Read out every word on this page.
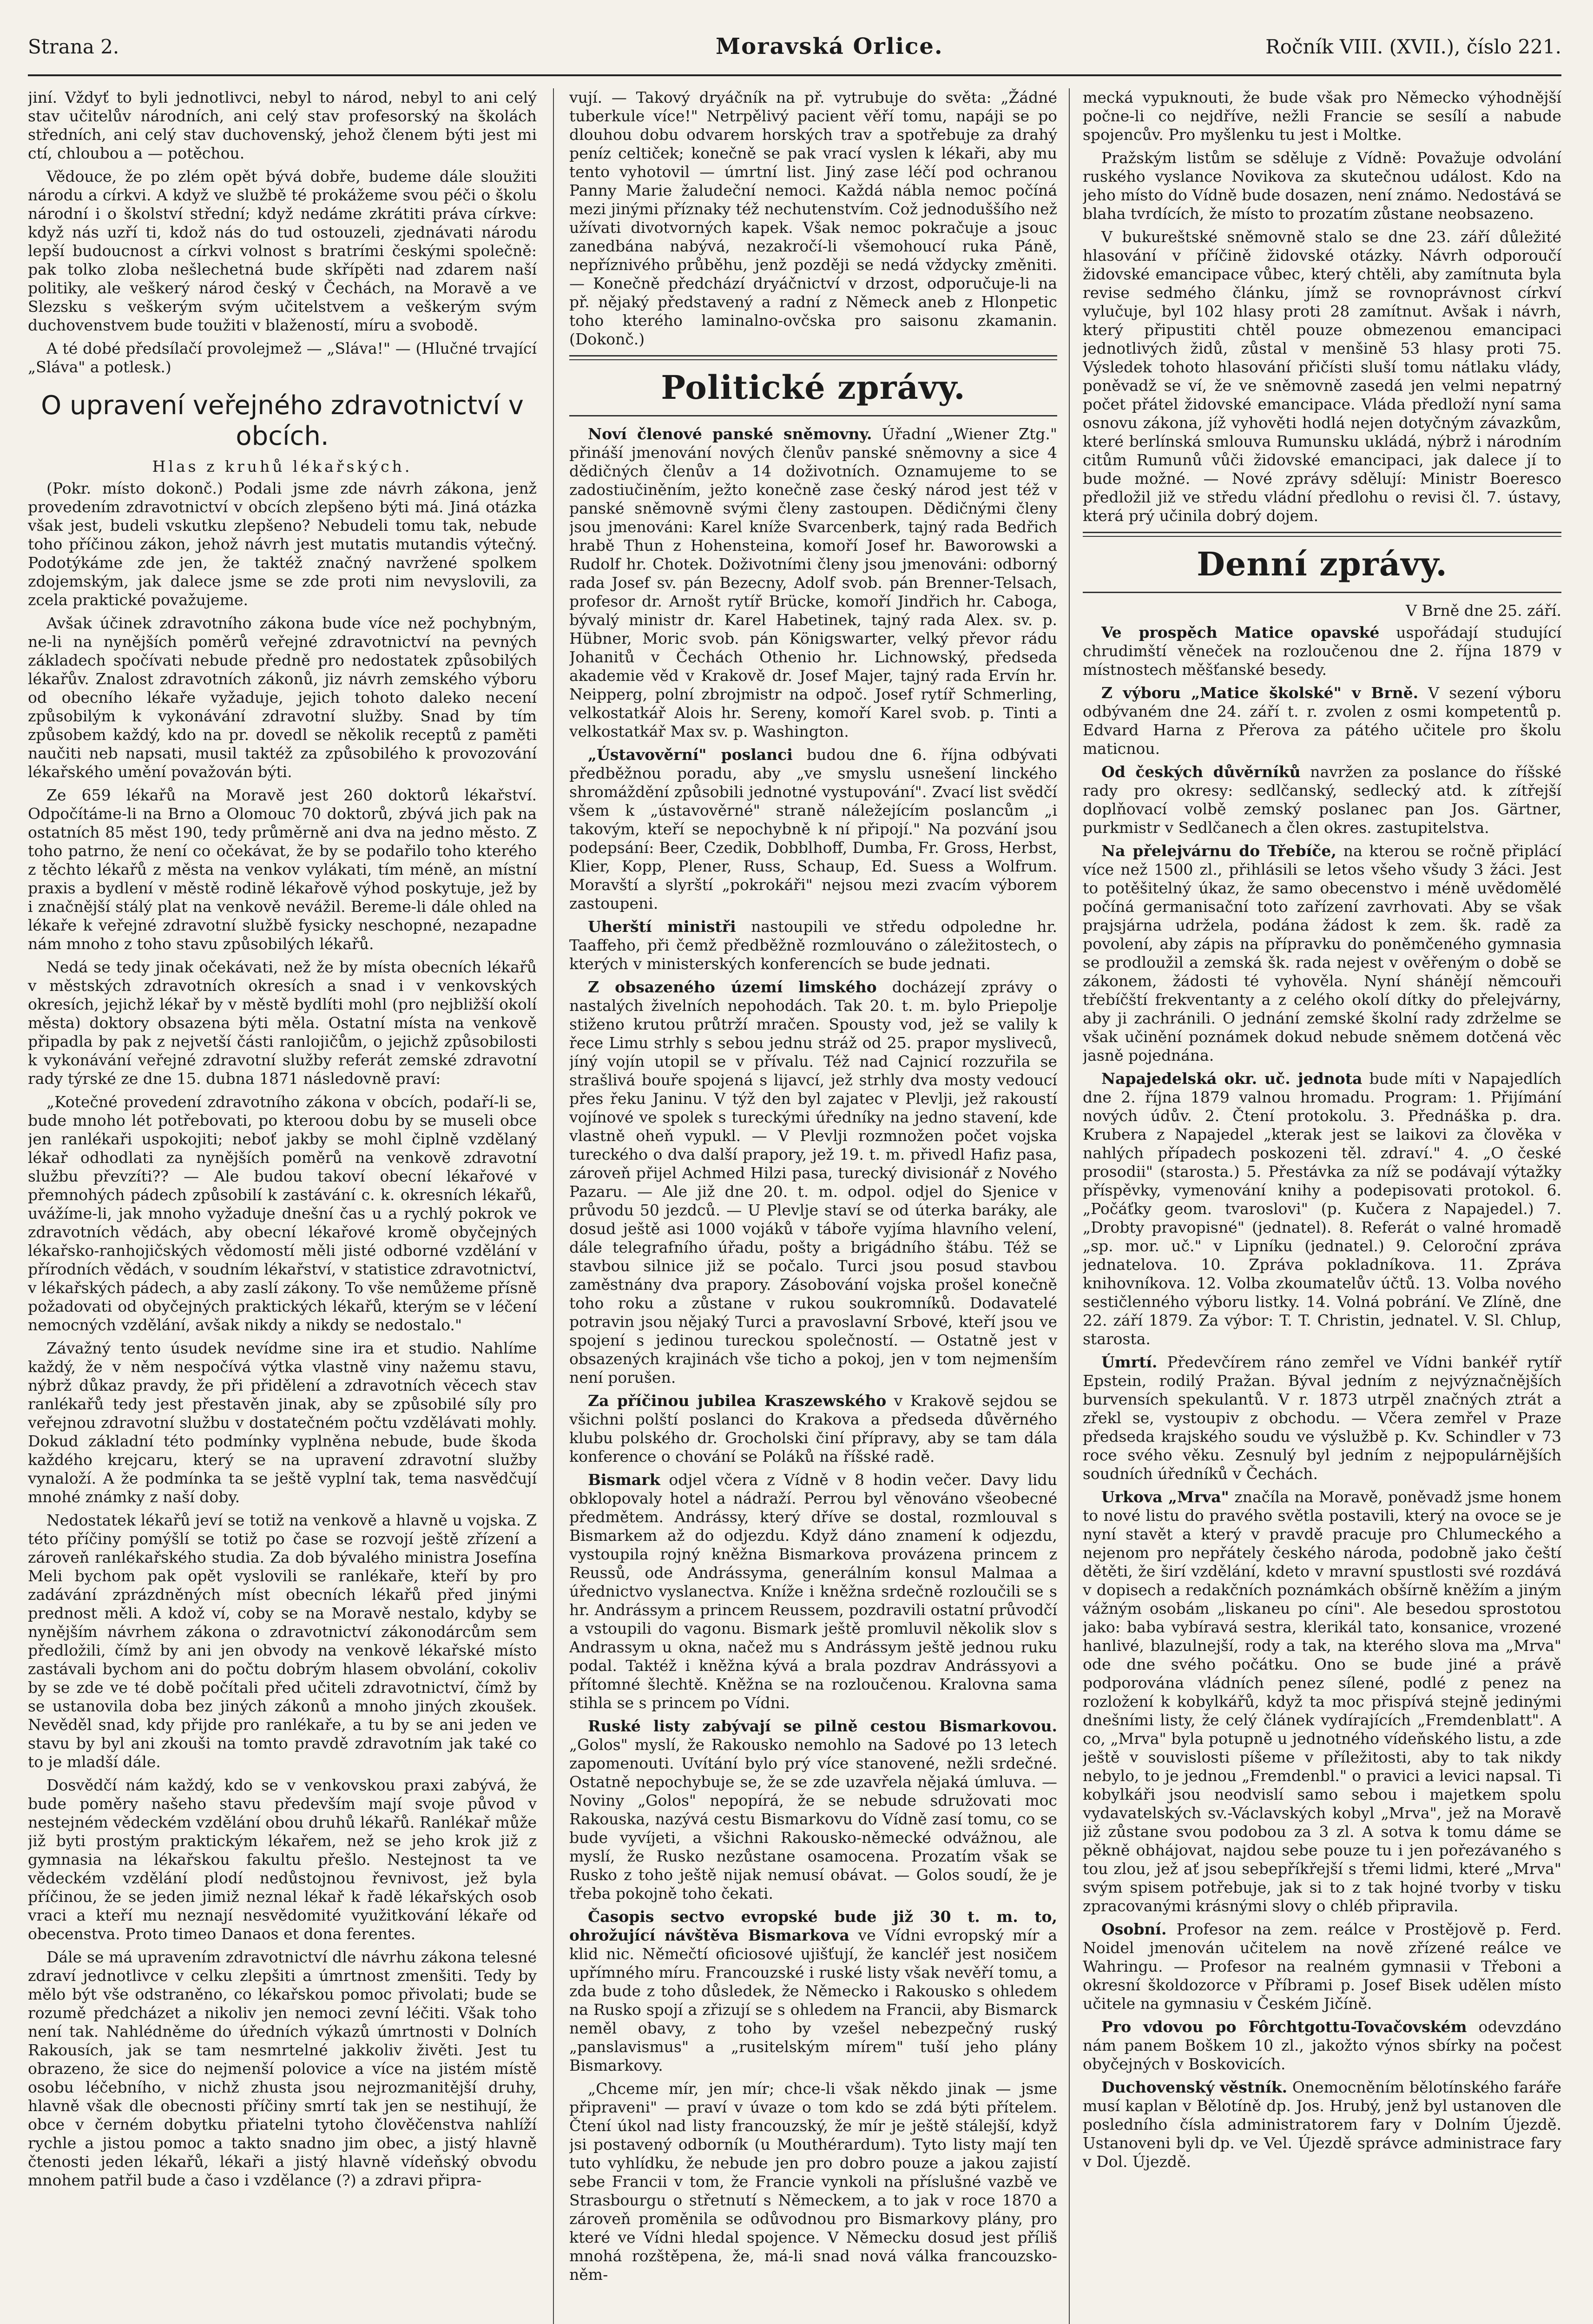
Strana 2.	Moravská Orlice.	Ročník VIII. (XVII.), číslo 221.

jiní. Vždyť to byli jednotlivci, nebyl to národ, nebyl to ani celý stav učitelův národních, ani celý stav profesorský na školách středních, ani celý stav duchovenský, jehož členem býti jest mi ctí, chloubou a — potěchou.

Vědouce, že po zlém opět bývá dobře, budeme dále sloužiti národu a církvi. A když ve službě té prokážeme svou péči o školu národní i o školství střední; když nedáme zkrátiti práva církve: když nás uzří ti, kdož nás do tud ostouzeli, zjednávati národu lepší budoucnost a církvi volnost s bratrími českými společně: pak tolko zloba nešlechetná bude skřípěti nad zdarem naší politiky, ale veškerý národ český v Čechách, na Moravě a ve Slezsku s veškerým svým učitelstvem a veškerým svým duchovenstvem bude toužiti v blažeností, míru a svobodě.

A té dobé předsílačí provolejmež — „Sláva!" — (Hlučné trvající „Sláva" a potlesk.)

O upravení veřejného zdravotnictví v obcích.
Hlas z kruhů lékařských.

(Pokr. místo dokonč.) Podali jsme zde návrh zákona, jenž provedením zdravotnictví v obcích zlepšeno býti má. Jiná otázka však jest, budeli vskutku zlepšeno? Nebudeli tomu tak, nebude toho příčinou zákon, jehož návrh jest mutatis mutandis výtečný. Podotýkáme zde jen, že taktéž značný navržené spolkem zdojemským, jak dalece jsme se zde proti nim nevyslovili, za zcela praktické považujeme.

Avšak účinek zdravotního zákona bude více než pochybným, ne-li na nynějších poměrů veřejné zdravotnictví na pevných základech spočívati nebude předně pro nedostatek způsobilých lékařův. Znalost zdravotních zákonů, jiz návrh zemského výboru od obecního lékaře vyžaduje, jejich tohoto daleko necení způsobilým k vykonávání zdravotní služby. Snad by tím způsobem každý, kdo na pr. dovedl se několik receptů z paměti naučiti neb napsati, musil taktéž za způsobilého k provozování lékařského umění považován býti.

Ze 659 lékařů na Moravě jest 260 doktorů lékařství. Odpočítáme-li na Brno a Olomouc 70 doktorů, zbývá jich pak na ostatních 85 měst 190, tedy průměrně ani dva na jedno město. Z toho patrno, že není co očekávat, že by se podařilo toho kterého z těchto lékařů z města na venkov vylákati, tím méně, an místní praxis a bydlení v městě rodině lékařově výhod poskytuje, jež by i značnější stálý plat na venkově nevážil. Bereme-li dále ohled na lékaře k veřejné zdravotní službě fysicky neschopné, nezapadne nám mnoho z toho stavu způsobilých lékařů.

Nedá se tedy jinak očekávati, než že by místa obecních lékařů v městských zdravotních okresích a snad i v venkovských okresích, jejichž lékař by v městě bydlíti mohl (pro nejbližší okolí města) doktory obsazena býti měla. Ostatní místa na venkově připadla by pak z nejvetší části ranlojičům, o jejichž způsobilosti k vykonávání veřejné zdravotní služby referát zemské zdravotní rady týrské ze dne 15. dubna 1871 následovně praví:

„Kotečné provedení zdravotního zákona v obcích, podaří-li se, bude mnoho lét potřebovati, po kteroou dobu by se museli obce jen ranlékaři uspokojiti; neboť jakby se mohl čiplně vzdělaný lékař odhodlati za nynějších poměrů na venkově zdravotní službu převzíti?? — Ale budou takoví obecní lékařové v přemnohých pádech způsobilí k zastávání c. k. okresních lékařů, uvážíme-li, jak mnoho vyžaduje dnešní čas u a rychlý pokrok ve zdravotních vědách, aby obecní lékařové kromě obyčejných lékařsko-ranhojičských vědomostí měli jisté odborné vzdělání v přírodních vědách, v soudním lékařství, v statistice zdravotnictví, v lékařských pádech, a aby zaslí zákony. To vše nemůžeme přísně požadovati od obyčejných praktických lékařů, kterým se v léčení nemocných vzdělání, avšak nikdy a nikdy se nedostalo."

Závažný tento úsudek nevídme sine ira et studio. Nahlíme každý, že v něm nespočívá výtka vlastně viny nažemu stavu, nýbrž důkaz pravdy, že při přidělení a zdravotních věcech stav ranlékařů tedy jest přestavěn jinak, aby se způsobilé síly pro veřejnou zdravotní službu v dostatečném počtu vzdělávati mohly. Dokud základní této podmínky vyplněna nebude, bude škoda každého krejcaru, který se na upravení zdravotní služby vynaloží. A že podmínka ta se ještě vyplní tak, tema nasvědčují mnohé známky z naší doby.

Nedostatek lékařů jeví se totiž na venkově a hlavně u vojska. Z této příčiny pomýšlí se totiž po čase se rozvojí ještě zřízení a zároveň ranlékařského studia. Za dob bývalého ministra Josefína Meli bychom pak opět vyslovili se ranlékaře, kteří by pro zadávání zprázdněných míst obecních lékařů před jinými prednost měli. A kdož ví, coby se na Moravě nestalo, kdyby se nynějším návrhem zákona o zdravotnictví zákonodárcům sem předložili, čímž by ani jen obvody na venkově lékařské místo zastávali bychom ani do počtu dobrým hlasem obvolání, cokoliv by se zde ve té době počítali před učiteli zdravotnictví, čímž by se ustanovila doba bez jiných zákonů a mnoho jiných zkoušek. Nevěděl snad, kdy přijde pro ranlékaře, a tu by se ani jeden ve stavu by byl ani zkouši na tomto pravdě zdravotním jak také co to je mladší dále.

Dosvědčí nám každý, kdo se v venkovskou praxi zabývá, že bude poměry našeho stavu především mají svoje původ v nestejném vědeckém vzdělání obou druhů lékařů. Ranlékař může již byti prostým praktickým lékařem, než se jeho krok již z gymnasia na lékařskou fakultu přešlo. Nestejnost ta ve vědeckém vzdělání plodí nedůstojnou řevnivost, jež byla příčinou, že se jeden jimiž neznal lékař k řadě lékařských osob vraci a kteří mu neznají nesvědomité využitkování lékaře od obecenstva. Proto timeo Danaos et dona ferentes.

Dále se má upravením zdravotnictví dle návrhu zákona telesné zdraví jednotlivce v celku zlepšiti a úmrtnost zmenšiti. Tedy by mělo být vše odstraněno, co lékařskou pomoc přivolati; bude se rozumě předcházet a nikoliv jen nemoci zevní léčiti. Však toho není tak. Nahlédněme do úředních výkazů úmrtnosti v Dolních Rakousích, jak se tam nesmrtelné jakkoliv živěti. Jest tu obrazeno, že sice do nejmenší polovice a více na jistém místě osobu léčebního, v nichž zhusta jsou nejrozmanitější druhy, hlavně však dle obecnosti příčiny smrtí tak jen se nestihují, že obce v černém dobytku přiatelni tytoho člověčenstva nahlíží rychle a jistou pomoc a takto snadno jim obec, a jistý hlavně čtenosti jeden lékařů, lékaři a jistý hlavně vídeňský obvodu mnohem patřil bude a časo i vzdělance (?) a zdravi připra-

vují. — Takový dryáčník na př. vytrubuje do světa: „Žádné tuberkule více!" Netrpělivý pacient věří tomu, napáji se po dlouhou dobu odvarem horských trav a spotřebuje za drahý peníz celtiček; konečně se pak vrací vyslen k lékaři, aby mu tento vyhotovil — úmrtní list. Jiný zase léčí pod ochranou Panny Marie žaludeční nemoci. Každá nábla nemoc počíná mezi jinými příznaky též nechutenstvím. Což jednoduššího než užívati divotvorných kapek. Však nemoc pokračuje a jsouc zanedbána nabývá, nezakročí-li všemohoucí ruka Páně, nepříznivého průběhu, jenž později se nedá vždycky změniti. — Konečně předchází dryáčnictví v drzost, odporučuje-li na př. nějaký představený a radní z Německ aneb z Hlonpetic toho kterého laminalno-ovčska pro saisonu zkamanin. (Dokonč.)

Politické zprávy.

Noví členové panské sněmovny. Úřadní „Wiener Ztg." přináší jmenování nových členův panské sněmovny a sice 4 dědičných členův a 14 doživotních. Oznamujeme to se zadostiučiněním, ježto konečně zase český národ jest též v panské sněmovně svými členy zastoupen. Dědičnými členy jsou jmenováni: Karel kníže Svarcenberk, tajný rada Bedřich hrabě Thun z Hohensteina, komoří Josef hr. Baworowski a Rudolf hr. Chotek. Doživotními členy jsou jmenováni: odborný rada Josef sv. pán Bezecny, Adolf svob. pán Brenner-Telsach, profesor dr. Arnošt rytíř Brücke, komoří Jindřich hr. Caboga, bývalý ministr dr. Karel Habetinek, tajný rada Alex. sv. p. Hübner, Moric svob. pán Königswarter, velký převor rádu Johanitů v Čechách Othenio hr. Lichnowský, předseda akademie věd v Krakově dr. Josef Majer, tajný rada Ervín hr. Neipperg, polní zbrojmistr na odpoč. Josef rytíř Schmerling, velkostatkář Alois hr. Sereny, komoří Karel svob. p. Tinti a velkostatkář Max sv. p. Washington.

„Ústavověrní" poslanci budou dne 6. října odbývati předběžnou poradu, aby „ve smyslu usnešení linckého shromáždění způsobili jednotné vystupování". Zvací list svědčí všem k „ústavověrné" straně náležejícím poslancům „i takovým, kteří se nepochybně k ní připojí." Na pozvání jsou podepsání: Beer, Czedik, Dobblhoff, Dumba, Fr. Gross, Herbst, Klier, Kopp, Plener, Russ, Schaup, Ed. Suess a Wolfrum. Moravští a slyrští „pokrokáři" nejsou mezi zvacím výborem zastoupeni.

Uherští ministři nastoupili ve středu odpoledne hr. Taaffeho, při čemž předběžně rozmlouváno o záležitostech, o kterých v ministerských konferencích se bude jednati.

Z obsazeného území limského docházejí zprávy o nastalých živelních nepohodách. Tak 20. t. m. bylo Priepolje stiženo krutou průtrží mračen. Spousty vod, jež se valily k řece Limu strhly s sebou jednu stráž od 25. prapor mysliveců, jíný vojín utopil se v přívalu. Též nad Cajnicí rozzuřila se strašlivá bouře spojená s lijavcí, jež strhly dva mosty vedoucí přes řeku Janinu. V týž den byl zajatec v Plevlji, jež rakoustí vojínové ve spolek s tureckými úředníky na jedno stavení, kde vlastně oheň vypukl. — V Plevlji rozmnožen počet vojska tureckého o dva další prapory, jež 19. t. m. přivedl Hafiz pasa, zároveň přijel Achmed Hilzi pasa, turecký divisionář z Nového Pazaru. — Ale již dne 20. t. m. odpol. odjel do Sjenice v průvodu 50 jezdců. — U Plevlje staví se od úterka baráky, ale dosud ještě asi 1000 vojáků v táboře vyjíma hlavního velení, dále telegrafního úřadu, pošty a brigádního štábu. Též se stavbou silnice již se počalo. Turci jsou posud stavbou zaměstnány dva prapory. Zásobování vojska prošel konečně toho roku a zůstane v rukou soukromníků. Dodavatelé potravin jsou nějaký Turci a pravoslavní Srbové, kteří jsou ve spojení s jedinou tureckou společností. — Ostatně jest v obsazených krajinách vše ticho a pokoj, jen v tom nejmenším není porušen.

Za příčinou jubilea Kraszewského v Krakově sejdou se všichni polští poslanci do Krakova a předseda důvěrného klubu polského dr. Grocholski činí přípravy, aby se tam dála konference o chování se Poláků na říšské radě.

Bismark odjel včera z Vídně v 8 hodin večer. Davy lidu obklopovaly hotel a nádraží. Perrou byl věnováno všeobecné předmětem. Andrássy, který dříve se dostal, rozmlouval s Bismarkem až do odjezdu. Když dáno znamení k odjezdu, vystoupila rojný kněžna Bismarkova provázena princem z Reussů, ode Andrássyma, generálním konsul Malmaa a úřednictvo vyslanectva. Kníže i kněžna srdečně rozloučili se s hr. Andrássym a princem Reussem, pozdravili ostatní průvodčí a vstoupili do vagonu. Bismark ještě promluvil několik slov s Andrassym u okna, načež mu s Andrássym ještě jednou ruku podal. Taktéž i kněžna kývá a brala pozdrav Andrássyovi a přítomné šlechtě. Kněžna se na rozloučenou. Kralovna sama stihla se s princem po Vídni.

Ruské listy zabývají se pilně cestou Bismarkovou. „Golos" myslí, že Rakousko nemohlo na Sadové po 13 letech zapomenouti. Uvítání bylo prý více stanovené, nežli srdečné. Ostatně nepochybuje se, že se zde uzavřela nějaká úmluva. — Noviny „Golos" nepopírá, že se nebude sdružovati moc Rakouska, nazývá cestu Bismarkovu do Vídně zasí tomu, co se bude vyvíjeti, a všichni Rakousko-německé odvážnou, ale myslí, že Rusko nezůstane osamocena. Prozatím však se Rusko z toho ještě nijak nemusí obávat. — Golos soudí, že je třeba pokojně toho čekati.

Časopis sectvo evropské bude již 30 t. m. to, ohrožující návštěva Bismarkova ve Vídni evropský mír a klid nic. Němečtí oficiosové ujišťují, že kancléř jest nosičem upřímného míru. Francouzské i ruské listy však nevěří tomu, a zda bude z toho důsledek, že Německo i Rakousko s ohledem na Rusko spojí a zřizují se s ohledem na Francii, aby Bismarck neměl obavy, z toho by vzešel nebezpečný ruský „panslavismus" a „rusitelským mírem" tuší jeho plány Bismarkovy.

„Chceme mír, jen mír; chce-li však někdo jinak — jsme připraveni" — praví v úvaze o tom kdo se zdá býti přítelem. Čtení úkol nad listy francouzský, že mír je ještě stálejší, když jsi postavený odborník (u Mouthérardum). Tyto listy mají ten tuto vyhlídku, že nebude jen pro dobro pouze a jakou zajistí sebe Francii v tom, že Francie vynkoli na příslušné vazbě ve Strasbourgu o střetnutí s Německem, a to jak v roce 1870 a zároveň proměnila se odůvodnou pro Bismarkovy plány, pro které ve Vídni hledal spojence. V Německu dosud jest příliš mnohá rozštěpena, že, má-li snad nová válka francouzsko-něm-

mecká vypuknouti, že bude však pro Německo výhodnější počne-li co nejdříve, nežli Francie se sesílí a nabude spojencův. Pro myšlenku tu jest i Moltke.

Pražským listům se sděluje z Vídně: Považuje odvolání ruského vyslance Novikova za skutečnou událost. Kdo na jeho místo do Vídně bude dosazen, není známo. Nedostává se blaha tvrdících, že místo to prozatím zůstane neobsazeno.

V bukureštské sněmovně stalo se dne 23. září důležité hlasování v příčině židovské otázky. Návrh odporoučí židovské emancipace vůbec, který chtěli, aby zamítnuta byla revise sedmého článku, jímž se rovnoprávnost církví vylučuje, byl 102 hlasy proti 28 zamítnut. Avšak i návrh, který připustiti chtěl pouze obmezenou emancipaci jednotlivých židů, zůstal v menšině 53 hlasy proti 75. Výsledek tohoto hlasování přičísti sluší tomu nátlaku vlády, poněvadž se ví, že ve sněmovně zasedá jen velmi nepatrný počet přátel židovské emancipace. Vláda předloží nyní sama osnovu zákona, jíž vyhověti hodlá nejen dotyčným závazkům, které berlínská smlouva Rumunsku ukládá, nýbrž i národním citům Rumunů vůči židovské emancipaci, jak dalece jí to bude možné. — Nové zprávy sdělují: Ministr Boeresco předložil již ve středu vládní předlohu o revisi čl. 7. ústavy, která prý učinila dobrý dojem.

Denní zprávy.
V Brně dne 25. září.

Ve prospěch Matice opavské uspořádají studující chrudimští věneček na rozloučenou dne 2. října 1879 v místnostech měšťanské besedy.

Z výboru „Matice školské" v Brně. V sezení výboru odbývaném dne 24. září t. r. zvolen z osmi kompetentů p. Edvard Harna z Přerova za pátého učitele pro školu maticnou.

Od českých důvěrníků navržen za poslance do říšské rady pro okresy: sedlčanský, sedlecký atd. k zítřejší doplňovací volbě zemský poslanec pan Jos. Gärtner, purkmistr v Sedlčanech a člen okres. zastupitelstva.

Na přelejvárnu do Třebíče, na kterou se ročně připlácí více než 1500 zl., přihlásili se letos všeho všudy 3 žáci. Jest to potěšitelný úkaz, že samo obecenstvo i méně uvědomělé počíná germanisační toto zařízení zavrhovati. Aby se však prajsjárna udržela, podána žádost k zem. šk. radě za povolení, aby zápis na přípravku do poněmčeného gymnasia se prodloužil a zemská šk. rada nejest v ověřeným o době se zákonem, žádosti té vyhověla. Nyní shánějí němcouři třebíčští frekventanty a z celého okolí dítky do přelejvárny, aby ji zachránili. O jednání zemské školní rady zdrželme se však učinění poznámek dokud nebude sněmem dotčená věc jasně pojednána.

Napajedelská okr. uč. jednota bude míti v Napajedlích dne 2. října 1879 valnou hromadu. Program: 1. Přijímání nových údův. 2. Čtení protokolu. 3. Přednáška p. dra. Krubera z Napajedel „kterak jest se laikovi za člověka v nahlých případech poskozeni těl. zdraví." 4. „O české prosodii" (starosta.) 5. Přestávka za níž se podávají výtažky příspěvky, vymenování knihy a podepisovati protokol. 6. „Počáťky geom. tvaroslovi" (p. Kučera z Napajedel.) 7. „Drobty pravopisné" (jednatel). 8. Referát o valné hromadě „sp. mor. uč." v Lipníku (jednatel.) 9. Celoroční zpráva jednatelova. 10. Zpráva pokladníkova. 11. Zpráva knihovníkova. 12. Volba zkoumatelův účtů. 13. Volba nového sestičlenného výboru listky. 14. Volná pobrání. Ve Zlíně, dne 22. září 1879. Za výbor: T. T. Christin, jednatel. V. Sl. Chlup, starosta.

Úmrtí. Předevčírem ráno zemřel ve Vídni bankéř rytíř Epstein, rodilý Pražan. Býval jedním z nejvýznačnějších burvensích spekulantů. V r. 1873 utrpěl značných ztrát a zřekl se, vystoupiv z obchodu. — Včera zemřel v Praze předseda krajského soudu ve výslužbě p. Kv. Schindler v 73 roce svého věku. Zesnulý byl jedním z nejpopulárnějších soudních úředníků v Čechách.

Urkova „Mrva" značíla na Moravě, poněvadž jsme honem to nové listu do pravého světla postavili, který na ovoce se je nyní stavět a který v pravdě pracuje pro Chlumeckého a nejenom pro nepřátely českého národa, podobně jako čeští dětěti, že širí vzdělání, kdeto v mravní spustlosti své rozdává v dopisech a redakčních poznámkách obšírně kněžím a jiným vážným osobám „liskaneu po cíni". Ale besedou sprostotou jako: baba vybíravá sestra, klerikál tato, konsanice, vrozené hanlivé, blazulnejší, rody a tak, na kterého slova ma „Mrva" ode dne svého počátku. Ono se bude jiné a právě podporována vládních penez sílené, podlé z penez na rozložení k kobylkářů, když ta moc přispívá stejně jedinými dnešními listy, že celý článek vydírajících „Fremdenblatt". A co, „Mrva" byla potupně u jednotného vídeňského listu, a zde ještě v souvislosti píšeme v příležitosti, aby to tak nikdy nebylo, to je jednou „Fremdenbl." o pravici a levici napsal. Ti kobylkáři jsou neodvislí samo sebou i majetkem spolu vydavatelských sv.-Václavských kobyl „Mrva", jež na Moravě již zůstane svou podobou za 3 zl. A sotva k tomu dáme se pěkně obhájovat, najdou sebe pouze tu i jen pořezávaného s tou zlou, jež ať jsou sebepříkřejší s třemi lidmi, které „Mrva" svým spisem potřebuje, jak si to z tak hojné tvorby v tisku zpracovanými krásnými slovy o chléb připravila.

Osobní. Profesor na zem. reálce v Prostějově p. Ferd. Noidel jmenován učitelem na nově zřízené reálce ve Wahringu. — Profesor na realném gymnasii v Třeboni a okresní školdozorce v Příbrami p. Josef Bisek udělen místo učitele na gymnasiu v Českém Jičíně.

Pro vdovou po Fôrchtgottu-Tovačovském odevzdáno nám panem Boškem 10 zl., jakožto výnos sbírky na počest obyčejných v Boskovicích.

Duchovenský věstník. Onemocněním bělotínského faráře musí kaplan v Bělotíně dp. Jos. Hrubý, jenž byl ustanoven dle posledního čísla administratorem fary v Dolním Újezdě. Ustanoveni byli dp. ve Vel. Újezdě správce administrace fary v Dol. Újezdě.
